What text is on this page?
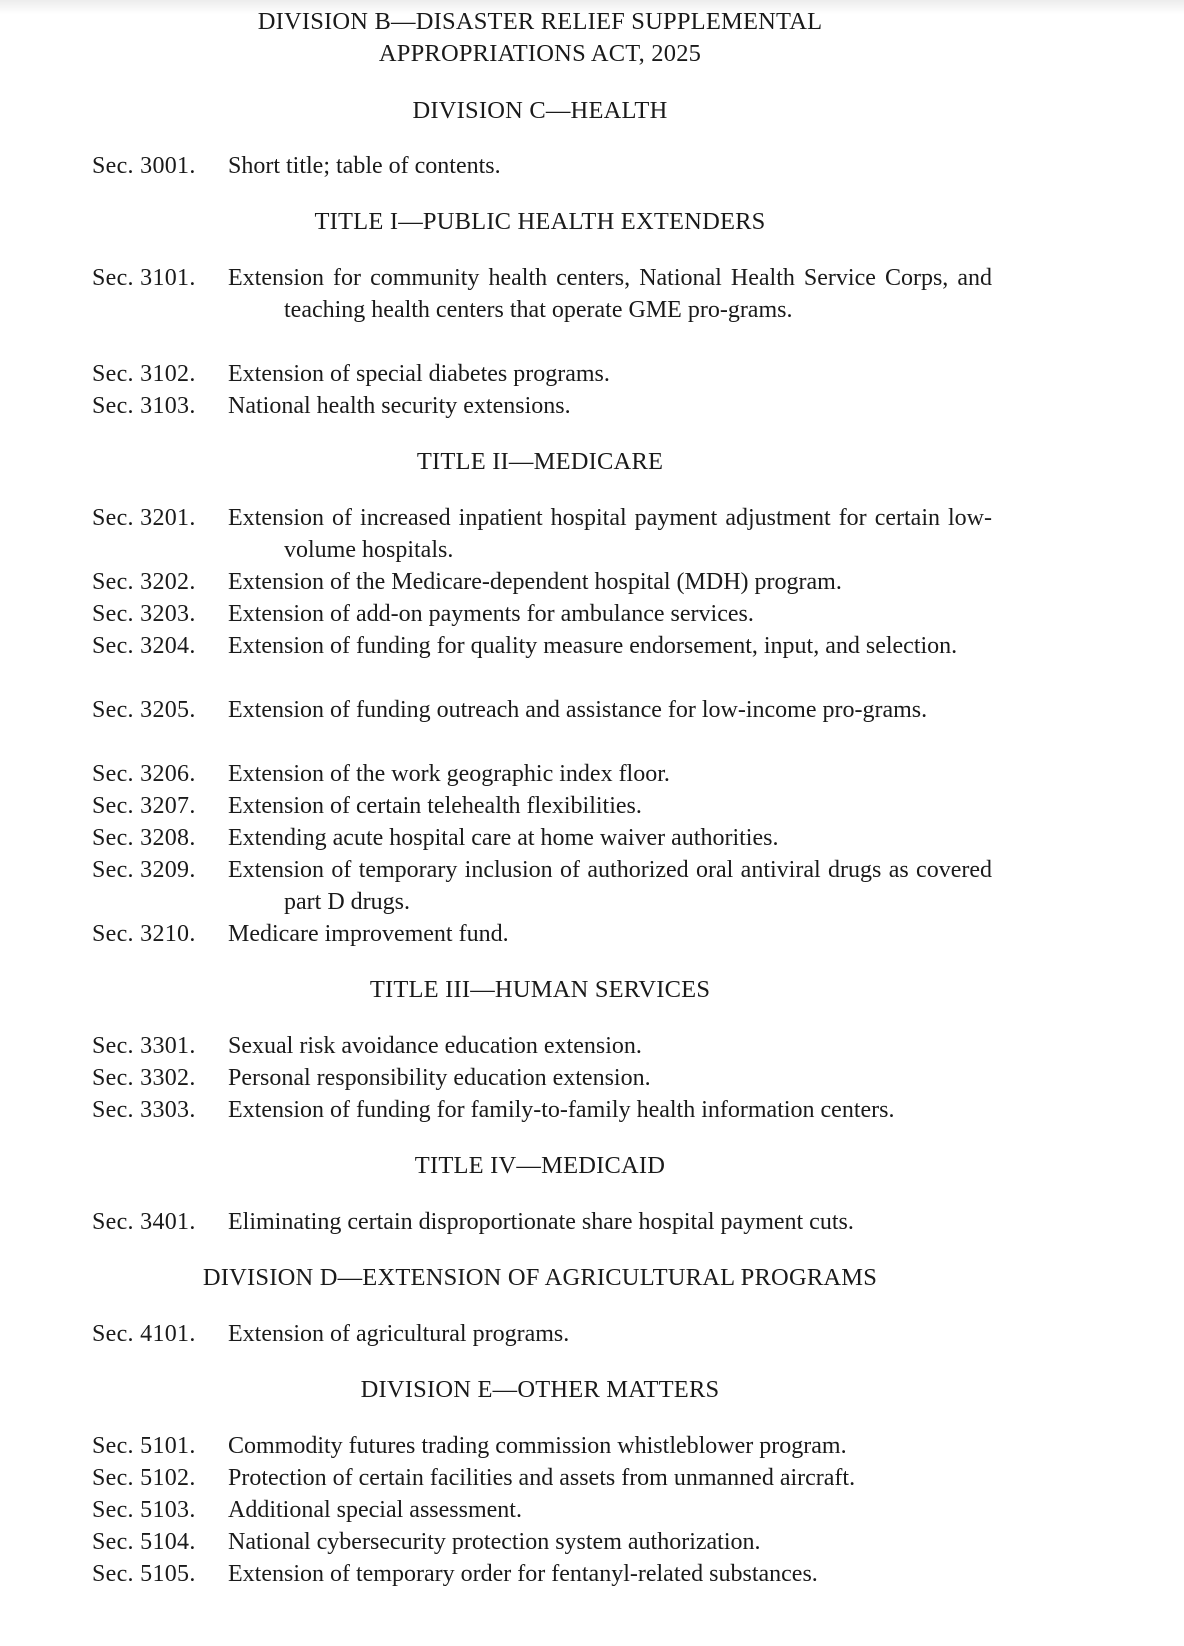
DIVISION B—DISASTER RELIEF SUPPLEMENTAL
APPROPRIATIONS ACT, 2025
DIVISION C—HEALTH
Sec. 3001. Short title; table of contents.
TITLE I—PUBLIC HEALTH EXTENDERS
Sec. 3101. Extension for community health centers, National Health Service Corps, and teaching health centers that operate GME pro-grams.
Sec. 3102. Extension of special diabetes programs.
Sec. 3103. National health security extensions.
TITLE II—MEDICARE
Sec. 3201. Extension of increased inpatient hospital payment adjustment for certain low-volume hospitals.
Sec. 3202. Extension of the Medicare-dependent hospital (MDH) program.
Sec. 3203. Extension of add-on payments for ambulance services.
Sec. 3204. Extension of funding for quality measure endorsement, input, and selection.
Sec. 3205. Extension of funding outreach and assistance for low-income pro-grams.
Sec. 3206. Extension of the work geographic index floor.
Sec. 3207. Extension of certain telehealth flexibilities.
Sec. 3208. Extending acute hospital care at home waiver authorities.
Sec. 3209. Extension of temporary inclusion of authorized oral antiviral drugs as covered part D drugs.
Sec. 3210. Medicare improvement fund.
TITLE III—HUMAN SERVICES
Sec. 3301. Sexual risk avoidance education extension.
Sec. 3302. Personal responsibility education extension.
Sec. 3303. Extension of funding for family-to-family health information centers.
TITLE IV—MEDICAID
Sec. 3401. Eliminating certain disproportionate share hospital payment cuts.
DIVISION D—EXTENSION OF AGRICULTURAL PROGRAMS
Sec. 4101. Extension of agricultural programs.
DIVISION E—OTHER MATTERS
Sec. 5101. Commodity futures trading commission whistleblower program.
Sec. 5102. Protection of certain facilities and assets from unmanned aircraft.
Sec. 5103. Additional special assessment.
Sec. 5104. National cybersecurity protection system authorization.
Sec. 5105. Extension of temporary order for fentanyl-related substances.
